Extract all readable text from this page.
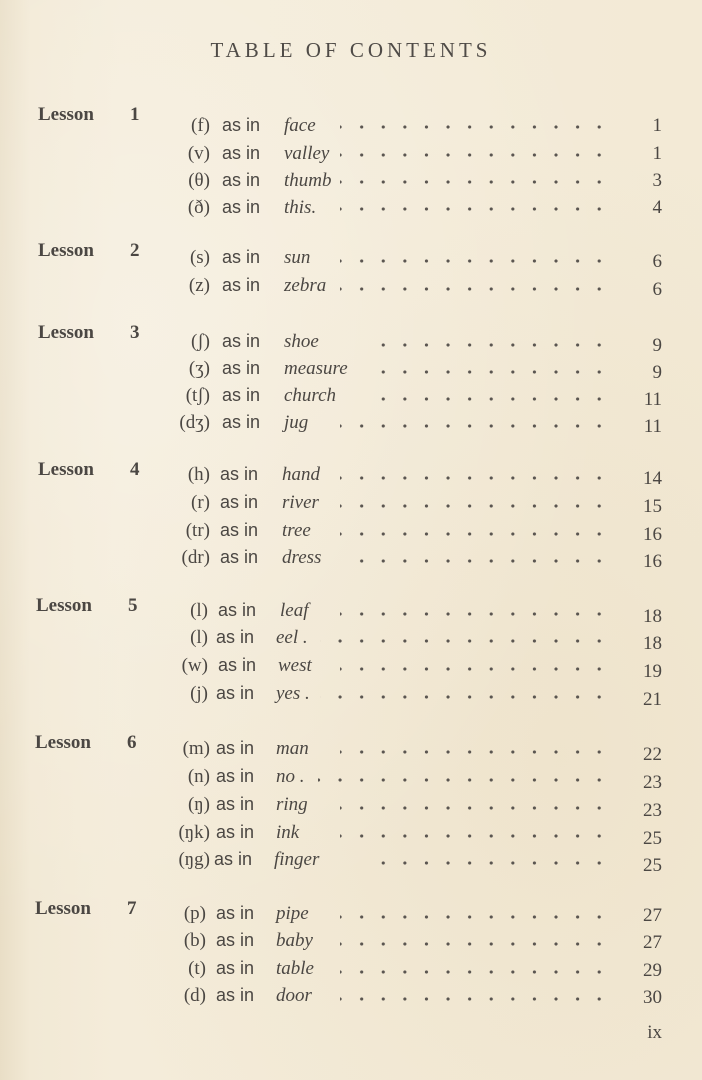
TABLE OF CONTENTS
Lesson 1
(f) as in face	1
(v) as in valley	1
(θ) as in thumb	3
(ð) as in this.	4
Lesson 2	(s) as in sun	6
(z) as in zebra	6
Lesson 3	(ʃ) as in shoe	9
(ʒ) as in measure	9
(tʃ) as in church	11
(dʒ) as in jug	11
Lesson 4	(h) as in hand	14
(r) as in river	15
(tr) as in tree	16
(dr) as in dress	16
Lesson 5	(l) as in leaf	18
(l) as in eel .	18
(w) as in west	19
(j) as in yes .	21
Lesson 6	(m) as in man	22
(n) as in no .	23
(ŋ) as in ring	23
(ŋk) as in ink	25
(ŋg) as in finger	25
Lesson 7	(p) as in pipe	27
(b) as in baby	27
(t) as in table	29
(d) as in door	30
ix
